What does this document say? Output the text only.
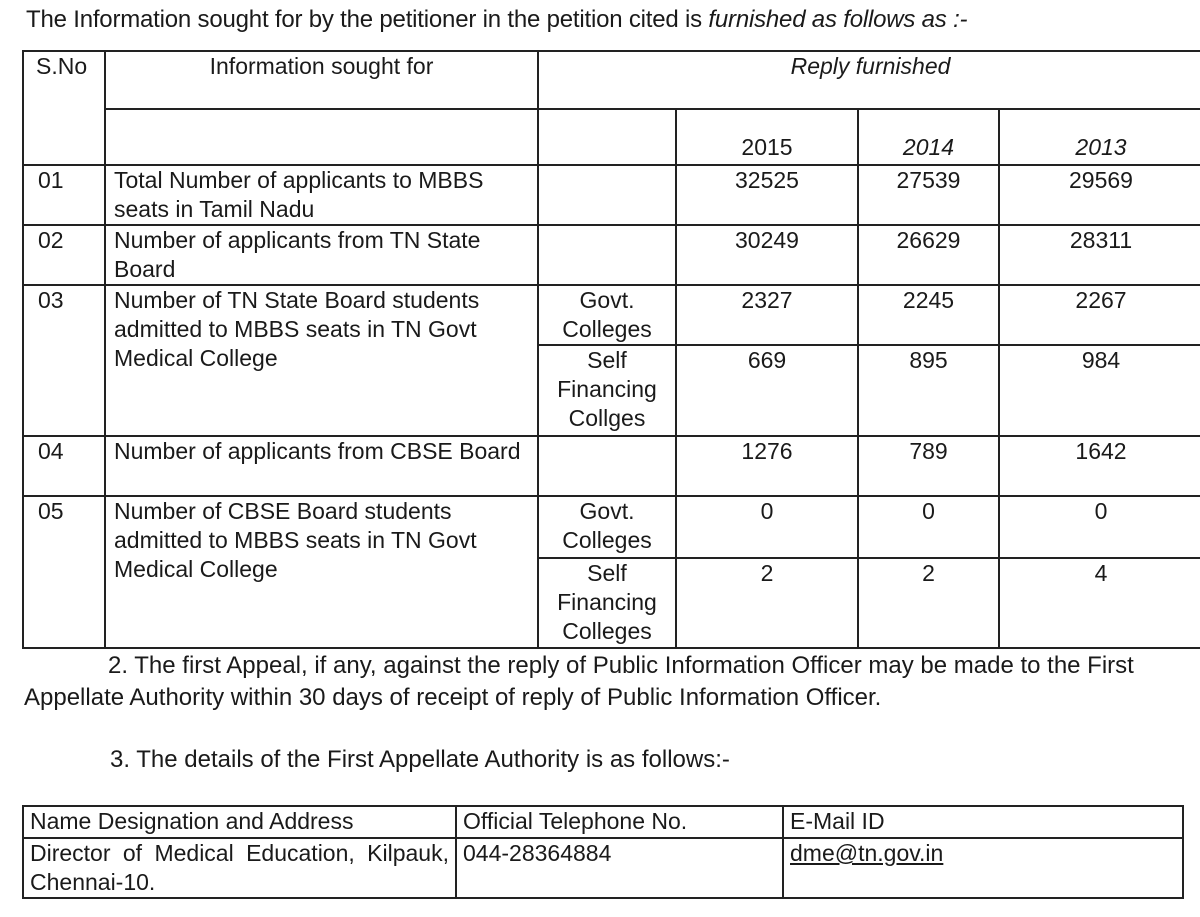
The Information sought for by the petitioner in the petition cited is furnished as follows as :-
S.No	Information sought for	Reply furnished			
			2015	2014	2013
01	Total Number of applicants to MBBS seats in Tamil Nadu		32525	27539	29569
02	Number of applicants from TN State Board		30249	26629	28311
03	Number of TN State Board students admitted to MBBS seats in TN Govt Medical College	Govt. Colleges	2327	2245	2267
		Self Financing Collges	669	895	984
04	Number of applicants from CBSE Board		1276	789	1642
05	Number of CBSE Board students admitted to MBBS seats in TN Govt Medical College	Govt. Colleges	0	0	0
		Self Financing Colleges	2	2	4
2. The first Appeal, if any, against the reply of Public Information Officer may be made to the First Appellate Authority within 30 days of receipt of reply of Public Information Officer.
3. The details of the First Appellate Authority is as follows:-
Name Designation and Address	Official Telephone No.	E-Mail ID
Director of Medical Education, Kilpauk, Chennai-10.	044-28364884	dme@tn.gov.in
